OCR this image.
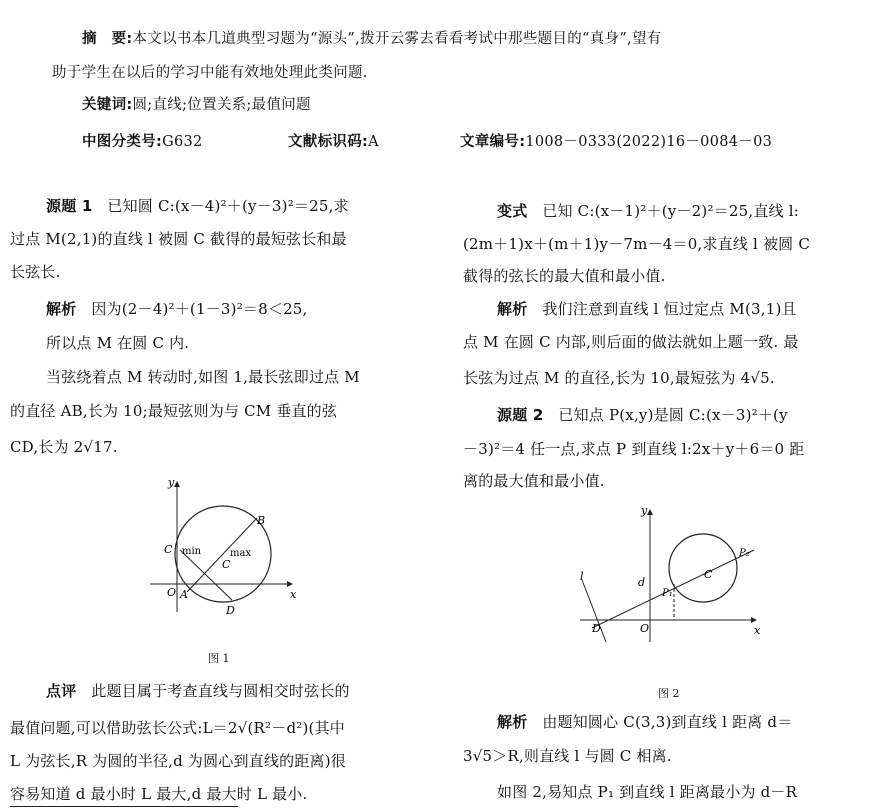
摘　要:本文以书本几道典型习题为“源头”,拨开云雾去看看考试中那些题目的“真身”,望有
助于学生在以后的学习中能有效地处理此类问题.
关键词:圆;直线;位置关系;最值问题
中图分类号:G632	文献标识码:A	文章编号:1008－0333(2022)16－0084－03
源题 1 已知圆 C:(x－4)²＋(y－3)²＝25,求
过点 M(2,1)的直线 l 被圆 C 截得的最短弦长和最
长弦长.
解析 因为(2－4)²＋(1－3)²＝8＜25,
所以点 M 在圆 C 内.
当弦绕着点 M 转动时,如图 1,最长弦即过点 M
的直径 AB,长为 10;最短弦则为与 CM 垂直的弦
CD,长为 2√17.
y
x
O A
B
C
C
D
min	max
图 1
点评 此题目属于考查直线与圆相交时弦长的
最值问题,可以借助弦长公式:L＝2√(R²－d²)(其中
L 为弦长,R 为圆的半径,d 为圆心到直线的距离)很
容易知道 d 最小时 L 最大,d 最大时 L 最小.
变式 已知 C:(x－1)²＋(y－2)²＝25,直线 l:
(2m＋1)x＋(m＋1)y－7m－4＝0,求直线 l 被圆 C
截得的弦长的最大值和最小值.
解析 我们注意到直线 l 恒过定点 M(3,1)且
点 M 在圆 C 内部,则后面的做法就如上题一致. 最
长弦为过点 M 的直径,长为 10,最短弦为 4√5.
源题 2 已知点 P(x,y)是圆 C:(x－3)²＋(y
－3)²＝4 任一点,求点 P 到直线 l:2x＋y＋6＝0 距
离的最大值和最小值.
y
x
O
l	d
C
P₁
P₂
D
图 2
解析 由题知圆心 C(3,3)到直线 l 距离 d＝
3√5＞R,则直线 l 与圆 C 相离.
如图 2,易知点 P₁ 到直线 l 距离最小为 d－R
